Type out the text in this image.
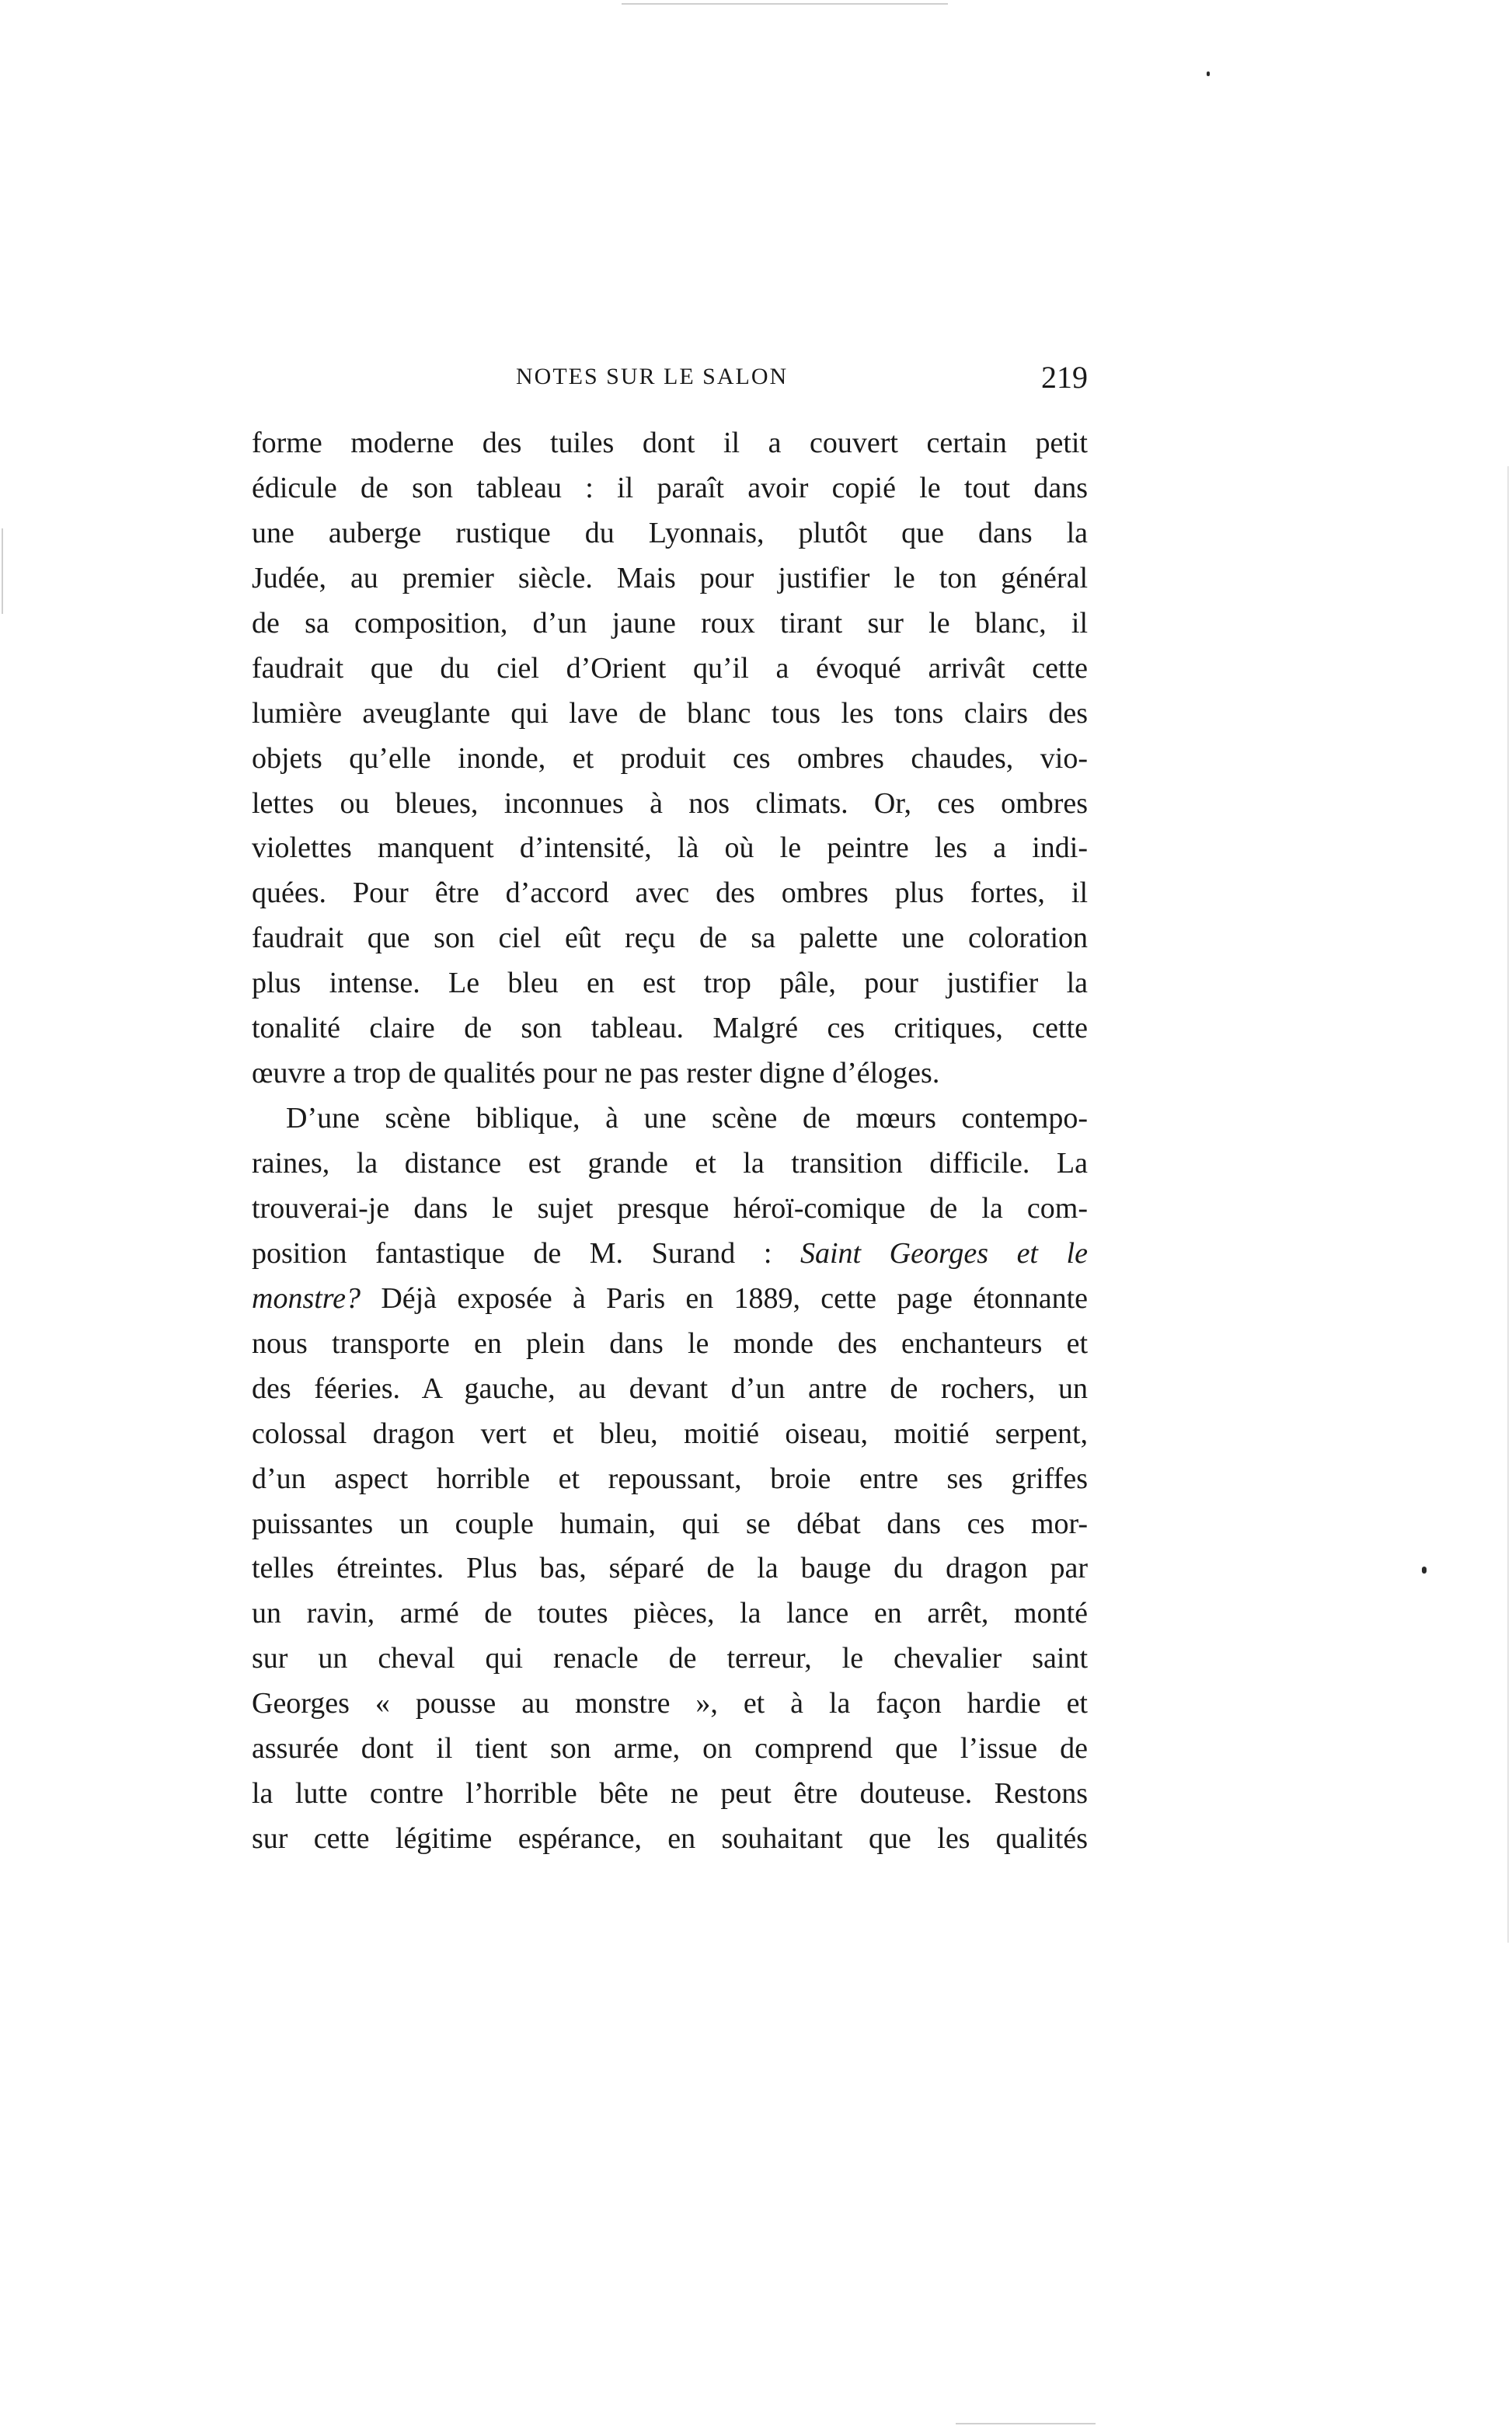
NOTES SUR LE SALON	219
forme moderne des tuiles dont il a couvert certain petit
édicule de son tableau : il paraît avoir copié le tout dans
une auberge rustique du Lyonnais, plutôt que dans la
Judée, au premier siècle. Mais pour justifier le ton général
de sa composition, d’un jaune roux tirant sur le blanc, il
faudrait que du ciel d’Orient qu’il a évoqué arrivât cette
lumière aveuglante qui lave de blanc tous les tons clairs des
objets qu’elle inonde, et produit ces ombres chaudes, vio-
lettes ou bleues, inconnues à nos climats. Or, ces ombres
violettes manquent d’intensité, là où le peintre les a indi-
quées. Pour être d’accord avec des ombres plus fortes, il
faudrait que son ciel eût reçu de sa palette une coloration
plus intense. Le bleu en est trop pâle, pour justifier la
tonalité claire de son tableau. Malgré ces critiques, cette
œuvre a trop de qualités pour ne pas rester digne d’éloges.
D’une scène biblique, à une scène de mœurs contempo-
raines, la distance est grande et la transition difficile. La
trouverai-je dans le sujet presque héroï-comique de la com-
position fantastique de M. Surand : Saint Georges et le
monstre? Déjà exposée à Paris en 1889, cette page étonnante
nous transporte en plein dans le monde des enchanteurs et
des féeries. A gauche, au devant d’un antre de rochers, un
colossal dragon vert et bleu, moitié oiseau, moitié serpent,
d’un aspect horrible et repoussant, broie entre ses griffes
puissantes un couple humain, qui se débat dans ces mor-
telles étreintes. Plus bas, séparé de la bauge du dragon par
un ravin, armé de toutes pièces, la lance en arrêt, monté
sur un cheval qui renacle de terreur, le chevalier saint
Georges « pousse au monstre », et à la façon hardie et
assurée dont il tient son arme, on comprend que l’issue de
la lutte contre l’horrible bête ne peut être douteuse. Restons
sur cette légitime espérance, en souhaitant que les qualités
